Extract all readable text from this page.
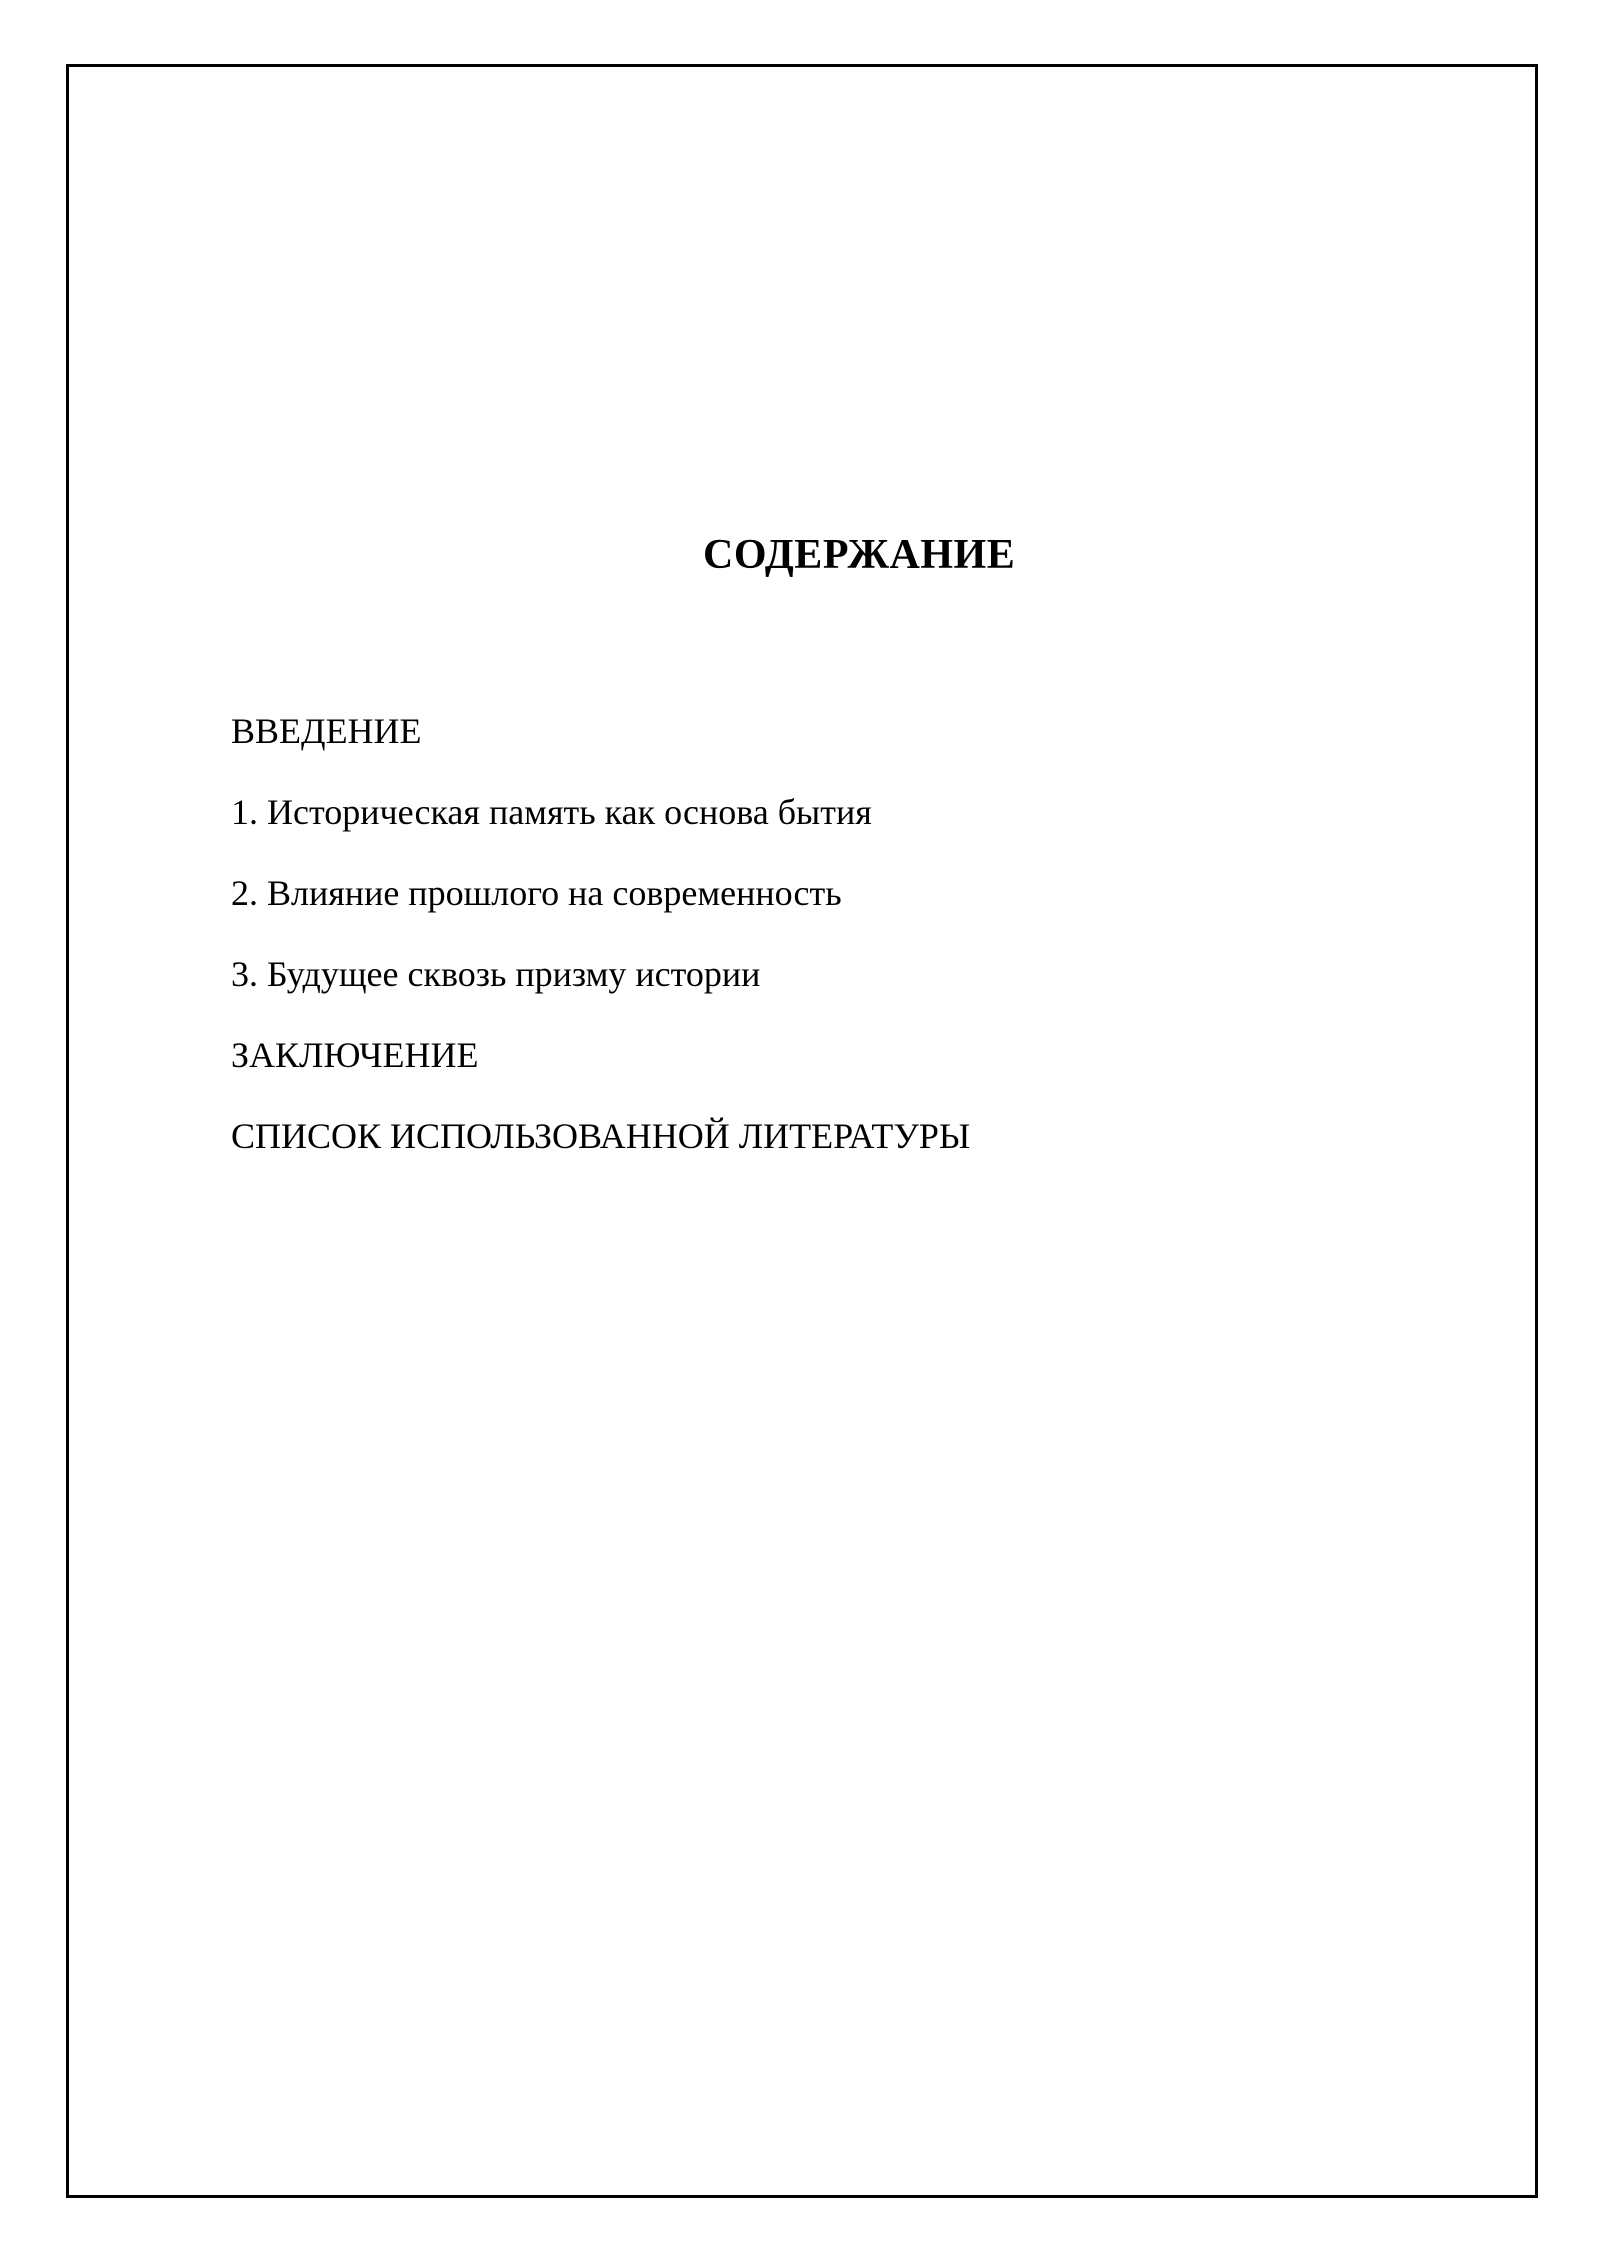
СОДЕРЖАНИЕ
ВВЕДЕНИЕ
1. Историческая память как основа бытия
2. Влияние прошлого на современность
3. Будущее сквозь призму истории
ЗАКЛЮЧЕНИЕ
СПИСОК ИСПОЛЬЗОВАННОЙ ЛИТЕРАТУРЫ
